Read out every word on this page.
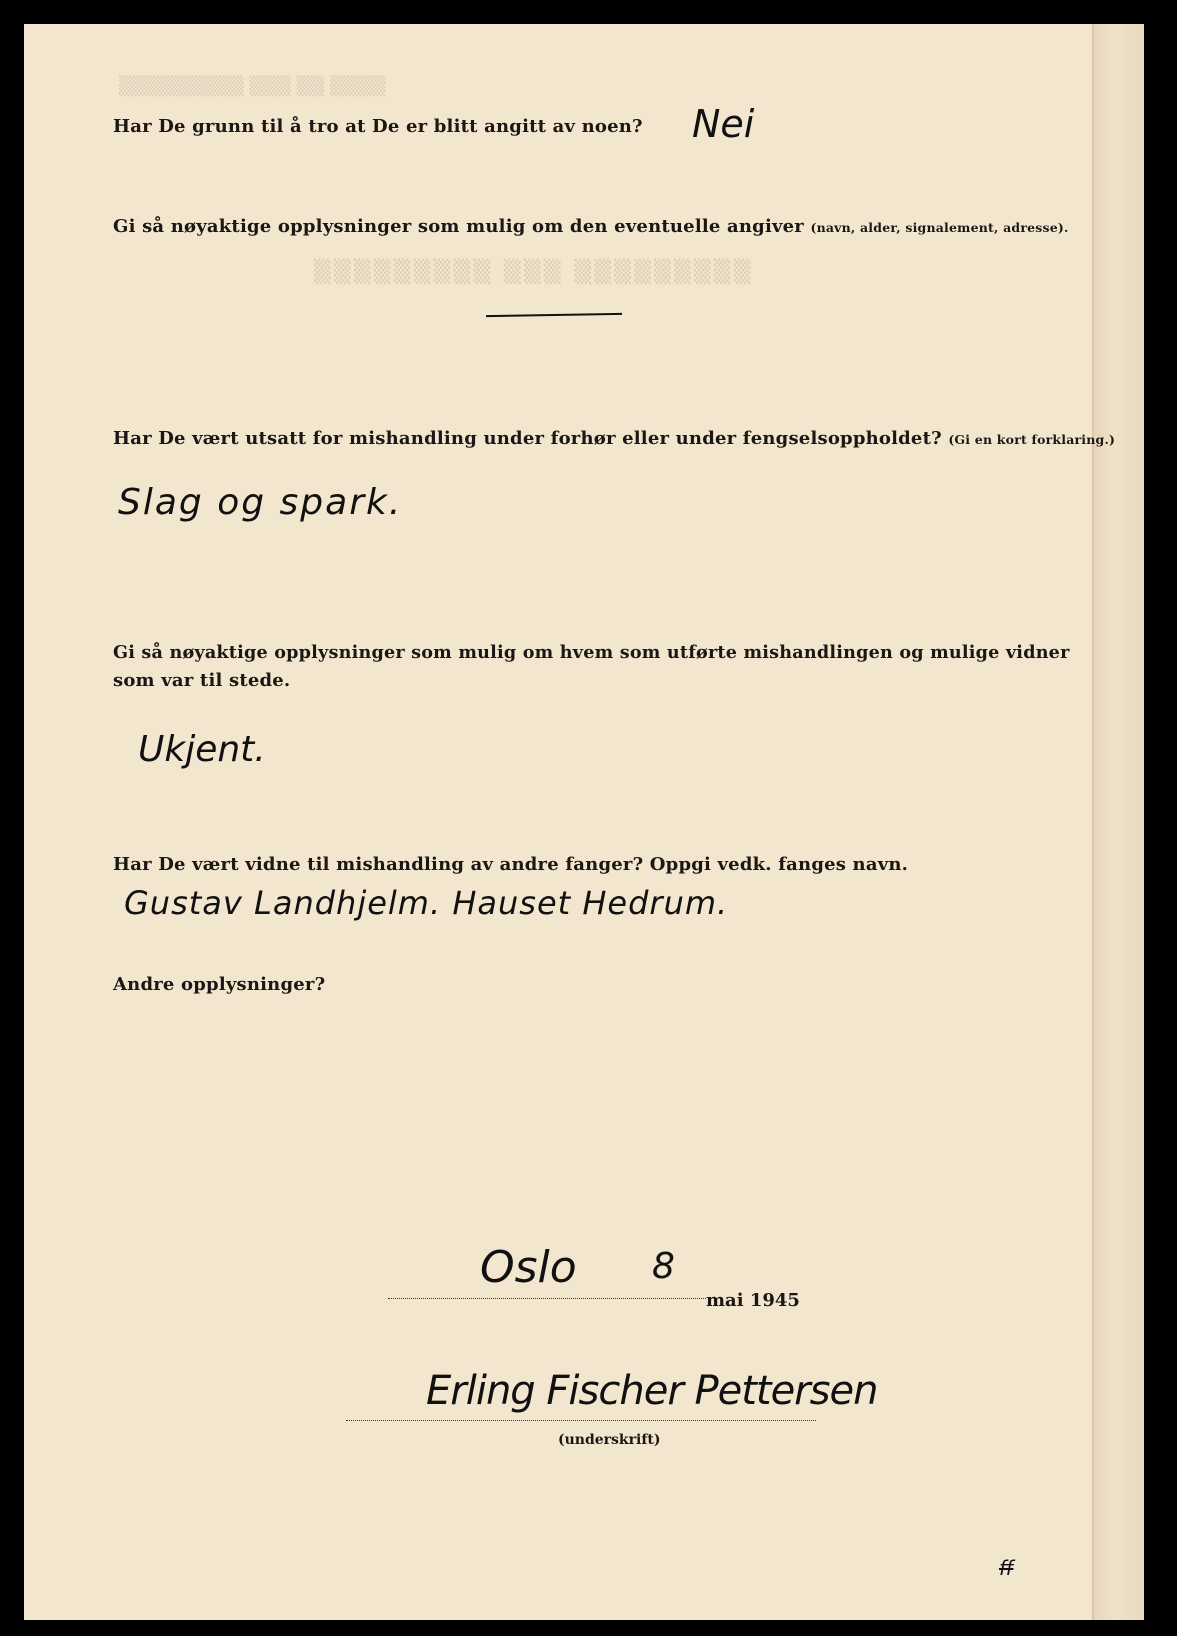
▒▒▒▒▒▒▒▒▒ ▒▒▒ ▒▒▒▒▒▒▒▒▒
▒▒▒▒▒▒▒▒▒ ▒▒▒ ▒▒ ▒▒▒▒
Har De grunn til å tro at De er blitt angitt av noen? Nei
Gi så nøyaktige opplysninger som mulig om den eventuelle angiver (navn, alder, signalement, adresse).
Har De vært utsatt for mishandling under forhør eller under fengselsoppholdet? (Gi en kort forklaring.)
Slag og spark.
Gi så nøyaktige opplysninger som mulig om hvem som utførte mishandlingen og mulige vidner
som var til stede.
Ukjent.
Har De vært vidne til mishandling av andre fanger? Oppgi vedk. fanges navn.
Gustav Landhjelm. Hauset Hedrum.
Andre opplysninger?
Oslo 8
mai 1945
Erling Fischer Pettersen
(underskrift)
ff
